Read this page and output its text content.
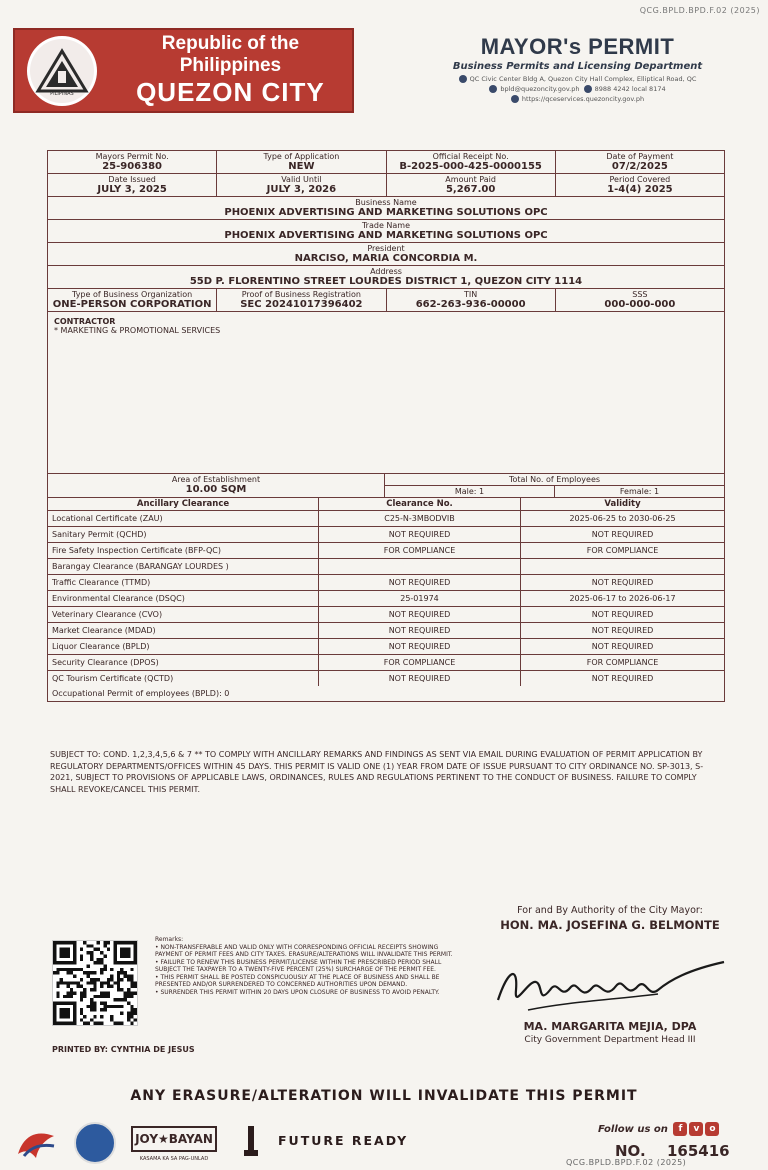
QCG.BPLD.BPD.F.02 (2025)
PILIPINAS
Republic of the Philippines
QUEZON CITY
MAYOR's PERMIT
Business Permits and Licensing Department
QC Civic Center Bldg A, Quezon City Hall Complex, Elliptical Road, QC
bpld@quezoncity.gov.ph 8988 4242 local 8174
https://qceservices.quezoncity.gov.ph
Mayors Permit No.
25-906380
Type of Application
NEW
Official Receipt No.
B-2025-000-425-0000155
Date of Payment
07/2/2025
Date Issued
JULY 3, 2025
Valid Until
JULY 3, 2026
Amount Paid
5,267.00
Period Covered
1-4(4) 2025
Business Name
PHOENIX ADVERTISING AND MARKETING SOLUTIONS OPC
Trade Name
PHOENIX ADVERTISING AND MARKETING SOLUTIONS OPC
President
NARCISO, MARIA CONCORDIA M.
Address
55D P. FLORENTINO STREET LOURDES DISTRICT 1, QUEZON CITY 1114
Type of Business Organization
ONE-PERSON CORPORATION
Proof of Business Registration
SEC 20241017396402
TIN
662-263-936-00000
SSS
000-000-000
CONTRACTOR
* MARKETING & PROMOTIONAL SERVICES
Area of Establishment
10.00 SQM
Total No. of Employees
Male: 1	Female: 1
Ancillary Clearance	Clearance No.	Validity
Locational Certificate (ZAU)	C25-N-3MBODVIB	2025-06-25 to 2030-06-25
Sanitary Permit (QCHD)	NOT REQUIRED	NOT REQUIRED
Fire Safety Inspection Certificate (BFP-QC)	FOR COMPLIANCE	FOR COMPLIANCE
Barangay Clearance (BARANGAY LOURDES )
Traffic Clearance (TTMD)	NOT REQUIRED	NOT REQUIRED
Environmental Clearance (DSQC)	25-01974	2025-06-17 to 2026-06-17
Veterinary Clearance (CVO)	NOT REQUIRED	NOT REQUIRED
Market Clearance (MDAD)	NOT REQUIRED	NOT REQUIRED
Liquor Clearance (BPLD)	NOT REQUIRED	NOT REQUIRED
Security Clearance (DPOS)	FOR COMPLIANCE	FOR COMPLIANCE
QC Tourism Certificate (QCTD)	NOT REQUIRED	NOT REQUIRED
Occupational Permit of employees (BPLD): 0
SUBJECT TO: COND. 1,2,3,4,5,6 & 7 ** TO COMPLY WITH ANCILLARY REMARKS AND FINDINGS AS SENT VIA EMAIL DURING EVALUATION OF PERMIT APPLICATION BY REGULATORY DEPARTMENTS/OFFICES WITHIN 45 DAYS. THIS PERMIT IS VALID ONE (1) YEAR FROM DATE OF ISSUE PURSUANT TO CITY ORDINANCE NO. SP-3013, S-2021, SUBJECT TO PROVISIONS OF APPLICABLE LAWS, ORDINANCES, RULES AND REGULATIONS PERTINENT TO THE CONDUCT OF BUSINESS. FAILURE TO COMPLY SHALL REVOKE/CANCEL THIS PERMIT.
Remarks:
• NON-TRANSFERABLE AND VALID ONLY WITH CORRESPONDING OFFICIAL RECEIPTS SHOWING PAYMENT OF PERMIT FEES AND CITY TAXES. ERASURE/ALTERATIONS WILL INVALIDATE THIS PERMIT.
• FAILURE TO RENEW THIS BUSINESS PERMIT/LICENSE WITHIN THE PRESCRIBED PERIOD SHALL SUBJECT THE TAXPAYER TO A TWENTY-FIVE PERCENT (25%) SURCHARGE OF THE PERMIT FEE.
• THIS PERMIT SHALL BE POSTED CONSPICUOUSLY AT THE PLACE OF BUSINESS AND SHALL BE PRESENTED AND/OR SURRENDERED TO CONCERNED AUTHORITIES UPON DEMAND.
• SURRENDER THIS PERMIT WITHIN 20 DAYS UPON CLOSURE OF BUSINESS TO AVOID PENALTY.
PRINTED BY: CYNTHIA DE JESUS
For and By Authority of the City Mayor:
HON. MA. JOSEFINA G. BELMONTE
MA. MARGARITA MEJIA, DPA
City Government Department Head III
ANY ERASURE/ALTERATION WILL INVALIDATE THIS PERMIT
JOY★BAYAN
KASAMA KA SA PAG-UNLAD
FUTURE READY
Follow us on f v o
NO. 165416
QCG.BPLD.BPD.F.02 (2025)
